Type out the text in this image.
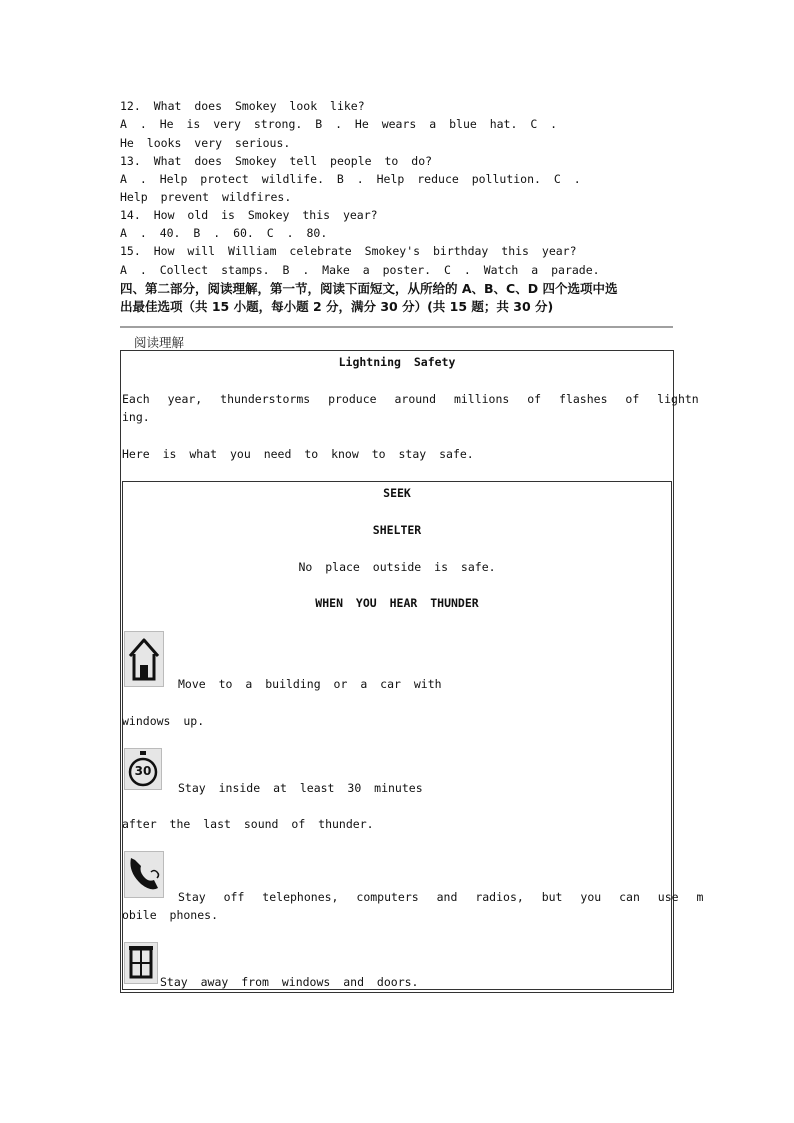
12. What does Smokey look like?
A . He is very strong. B . He wears a blue hat. C .
He looks very serious.
13. What does Smokey tell people to do?
A . Help protect wildlife. B . Help reduce pollution. C .
Help prevent wildfires.
14. How old is Smokey this year?
A . 40. B . 60. C . 80.
15. How will William celebrate Smokey's birthday this year?
A . Collect stamps. B . Make a poster. C . Watch a parade.
四、第二部分，阅读理解，第一节，阅读下面短文，从所给的 A、B、C、D 四个选项中选
出最佳选项（共 15 小题，每小题 2 分，满分 30 分）(共 15 题；共 30 分)
阅读理解
Lightning Safety
Each year, thunderstorms produce around millions of flashes of lightn
ing.
Here is what you need to know to stay safe.
SEEK
SHELTER
No place outside is safe.
WHEN YOU HEAR THUNDER
Move to a building or a car with
windows up.
30
Stay inside at least 30 minutes
after the last sound of thunder.
Stay off telephones, computers and radios, but you can use m
obile phones.
Stay away from windows and doors.
